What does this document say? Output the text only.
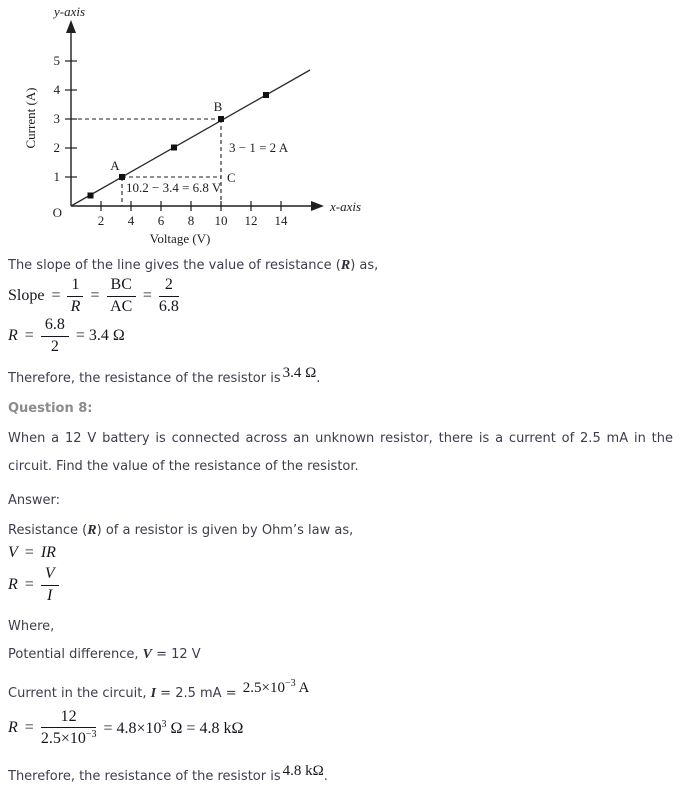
y-axis
x-axis
Current (A)
Voltage (V)
1
2
3
4
5
2 4 6 8 10 12 14
O
A
B
C
3 − 1 = 2 A
10.2 − 3.4 = 6.8 V

The slope of the line gives the value of resistance (R) as,

Slope = $\frac{1}{R} = \frac{BC}{AC} = \frac{2}{6.8}$
$R = \frac{6.8}{2} = 3.4$ Ω

Therefore, the resistance of the resistor is 3.4 Ω.

Question 8:

When a 12 V battery is connected across an unknown resistor, there is a current of 2.5 mA in the circuit. Find the value of the resistance of the resistor.

Answer:

Resistance (R) of a resistor is given by Ohm’s law as,

V = IR
$R = \frac{V}{I}$

Where,

Potential difference, V = 12 V

Current in the circuit, I = 2.5 mA = $2.5\times 10^{-3}$ A

$R = \frac{12}{2.5\times 10^{-3}} = 4.8\times 10^3$ Ω = 4.8 kΩ

Therefore, the resistance of the resistor is 4.8 kΩ.
